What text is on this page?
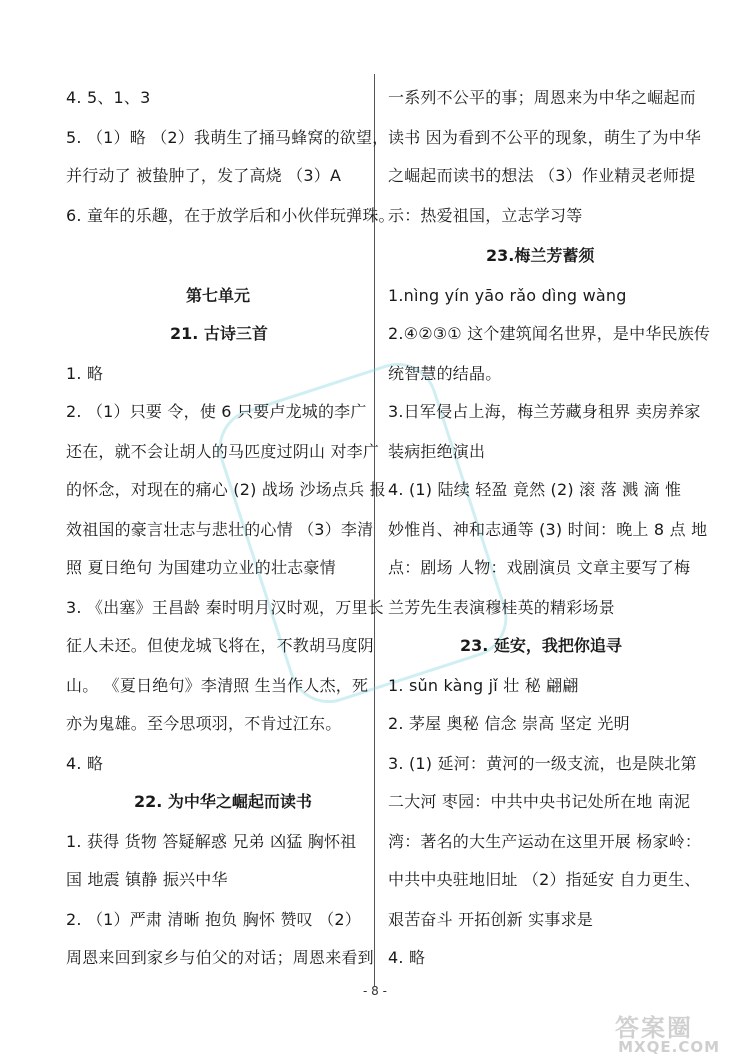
4. 5、1、3
5. （1）略 （2）我萌生了捅马蜂窝的欲望，
并行动了 被蛰肿了，发了高烧 （3）A
6. 童年的乐趣，在于放学后和小伙伴玩弹珠。
第七单元
21. 古诗三首
1. 略
2. （1）只要 令，使 6 只要卢龙城的李广
还在，就不会让胡人的马匹度过阴山 对李广
的怀念，对现在的痛心 (2) 战场 沙场点兵 报
效祖国的豪言壮志与悲壮的心情 （3）李清
照 夏日绝句 为国建功立业的壮志豪情
3. 《出塞》王昌龄 秦时明月汉时观，万里长
征人未还。但使龙城飞将在，不教胡马度阴
山。 《夏日绝句》李清照 生当作人杰，死
亦为鬼雄。至今思项羽，不肯过江东。
4. 略
22. 为中华之崛起而读书
1. 获得 货物 答疑解惑 兄弟 凶猛 胸怀祖
国 地震 镇静 振兴中华
2. （1）严肃 清晰 抱负 胸怀 赞叹 （2）
周恩来回到家乡与伯父的对话；周恩来看到
一系列不公平的事；周恩来为中华之崛起而
读书 因为看到不公平的现象，萌生了为中华
之崛起而读书的想法 （3）作业精灵老师提
示：热爱祖国，立志学习等
23.梅兰芳蓄须
1.nìng yín yāo rǎo dìng wàng
2.④②③① 这个建筑闻名世界，是中华民族传
统智慧的结晶。
3.日军侵占上海，梅兰芳藏身租界 卖房养家
装病拒绝演出
4. (1) 陆续 轻盈 竟然 (2) 滚 落 溅 滴 惟
妙惟肖、神和志通等 (3) 时间：晚上 8 点 地
点：剧场 人物：戏剧演员 文章主要写了梅
兰芳先生表演穆桂英的精彩场景
23. 延安，我把你追寻
1. sǔn kàng jǐ 壮 秘 翩翩
2. 茅屋 奥秘 信念 崇高 坚定 光明
3. (1) 延河：黄河的一级支流，也是陕北第
二大河 枣园：中共中央书记处所在地 南泥
湾：著名的大生产运动在这里开展 杨家岭：
中共中央驻地旧址 （2）指延安 自力更生、
艰苦奋斗 开拓创新 实事求是
4. 略
- 8 -
答案圈
MXQE.COM
